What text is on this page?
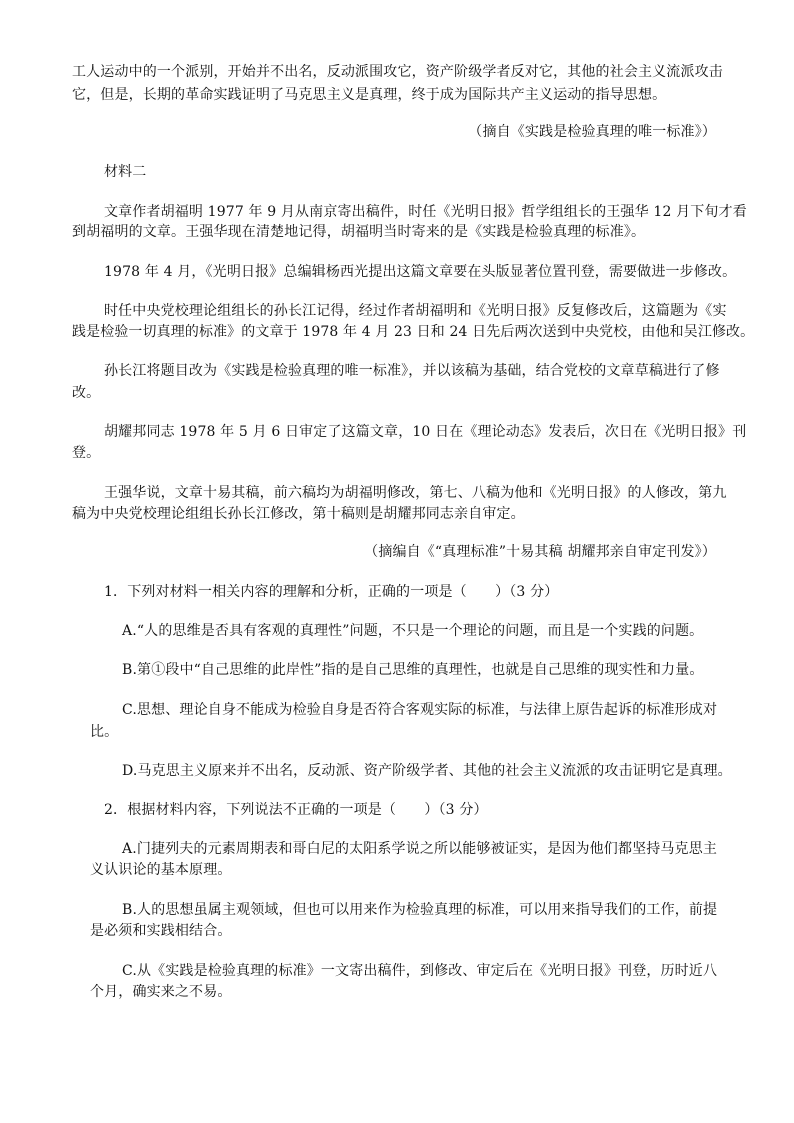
工人运动中的一个派别，开始并不出名，反动派围攻它，资产阶级学者反对它，其他的社会主义流派攻击
它，但是，长期的革命实践证明了马克思主义是真理，终于成为国际共产主义运动的指导思想。
（摘自《实践是检验真理的唯一标准》）
材料二
文章作者胡福明 1977 年 9 月从南京寄出稿件，时任《光明日报》哲学组组长的王强华 12 月下旬才看
到胡福明的文章。王强华现在清楚地记得，胡福明当时寄来的是《实践是检验真理的标准》。
1978 年 4 月，《光明日报》总编辑杨西光提出这篇文章要在头版显著位置刊登，需要做进一步修改。
时任中央党校理论组组长的孙长江记得，经过作者胡福明和《光明日报》反复修改后，这篇题为《实
践是检验一切真理的标准》的文章于 1978 年 4 月 23 日和 24 日先后两次送到中央党校，由他和吴江修改。
孙长江将题目改为《实践是检验真理的唯一标准》，并以该稿为基础，结合党校的文章草稿进行了修
改。
胡耀邦同志 1978 年 5 月 6 日审定了这篇文章，10 日在《理论动态》发表后，次日在《光明日报》刊
登。
王强华说，文章十易其稿，前六稿均为胡福明修改，第七、八稿为他和《光明日报》的人修改，第九
稿为中央党校理论组组长孙长江修改，第十稿则是胡耀邦同志亲自审定。
（摘编自《“真理标准”十易其稿 胡耀邦亲自审定刊发》）
1．下列对材料一相关内容的理解和分析，正确的一项是（　　）（3 分）
A.“人的思维是否具有客观的真理性”问题，不只是一个理论的问题，而且是一个实践的问题。
B.第①段中“自己思维的此岸性”指的是自己思维的真理性，也就是自己思维的现实性和力量。
C.思想、理论自身不能成为检验自身是否符合客观实际的标准，与法律上原告起诉的标准形成对
比。
D.马克思主义原来并不出名，反动派、资产阶级学者、其他的社会主义流派的攻击证明它是真理。
2．根据材料内容，下列说法不正确的一项是（　　）（3 分）
A.门捷列夫的元素周期表和哥白尼的太阳系学说之所以能够被证实，是因为他们都坚持马克思主
义认识论的基本原理。
B.人的思想虽属主观领域，但也可以用来作为检验真理的标准，可以用来指导我们的工作，前提
是必须和实践相结合。
C.从《实践是检验真理的标准》一文寄出稿件，到修改、审定后在《光明日报》刊登，历时近八
个月，确实来之不易。
